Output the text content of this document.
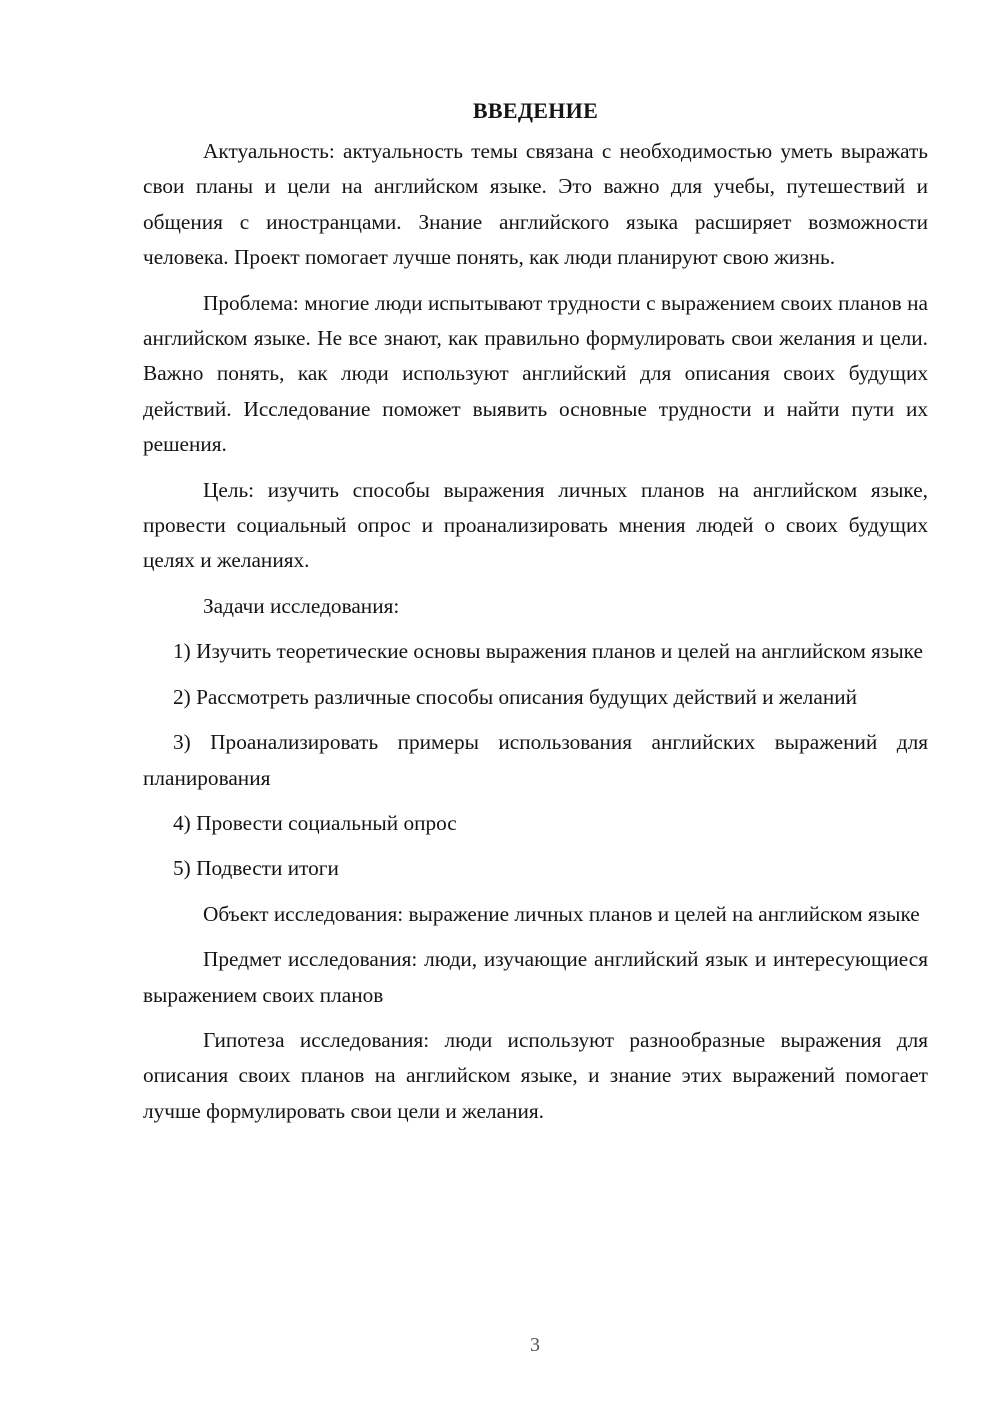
ВВЕДЕНИЕ

Актуальность: актуальность темы связана с необходимостью уметь выражать свои планы и цели на английском языке. Это важно для учебы, путешествий и общения с иностранцами. Знание английского языка расширяет возможности человека. Проект помогает лучше понять, как люди планируют свою жизнь.

Проблема: многие люди испытывают трудности с выражением своих планов на английском языке. Не все знают, как правильно формулировать свои желания и цели. Важно понять, как люди используют английский для описания своих будущих действий. Исследование поможет выявить основные трудности и найти пути их решения.

Цель: изучить способы выражения личных планов на английском языке, провести социальный опрос и проанализировать мнения людей о своих будущих целях и желаниях.

Задачи исследования:

1) Изучить теоретические основы выражения планов и целей на английском языке

2) Рассмотреть различные способы описания будущих действий и желаний

3) Проанализировать примеры использования английских выражений для планирования

4) Провести социальный опрос

5) Подвести итоги

Объект исследования: выражение личных планов и целей на английском языке

Предмет исследования: люди, изучающие английский язык и интересующиеся выражением своих планов

Гипотеза исследования: люди используют разнообразные выражения для описания своих планов на английском языке, и знание этих выражений помогает лучше формулировать свои цели и желания.

3
